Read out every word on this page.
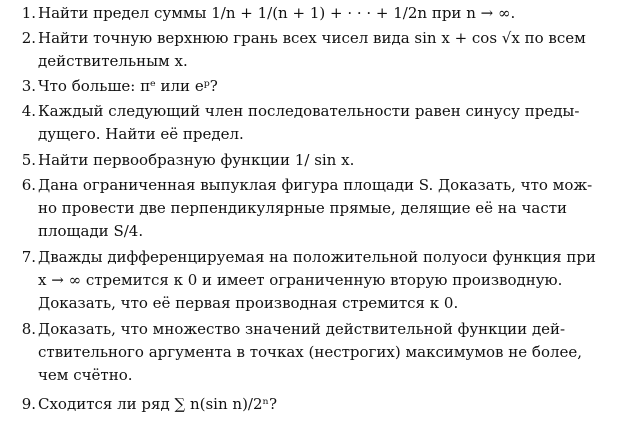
1. Найти предел суммы 1/n + 1/(n + 1) + · · · + 1/2n при n → ∞.
2. Найти точную верхнюю грань всех чисел вида sin x + cos √x по всем
действительным x.
3. Что больше: πᵉ или eᵖ?
4. Каждый следующий член последовательности равен синусу преды-
дущего. Найти её предел.
5. Найти первообразную функции 1/ sin x.
6. Дана ограниченная выпуклая фигура площади S. Доказать, что мож-
но провести две перпендикулярные прямые, делящие её на части
площади S/4.
7. Дважды дифференцируемая на положительной полуоси функция при
x → ∞ стремится к 0 и имеет ограниченную вторую производную.
Доказать, что её первая производная стремится к 0.
8. Доказать, что множество значений действительной функции дей-
ствительного аргумента в точках (нестрогих) максимумов не более,
чем счётно.
9. Сходится ли ряд ∑ n(sin n)/2ⁿ?
